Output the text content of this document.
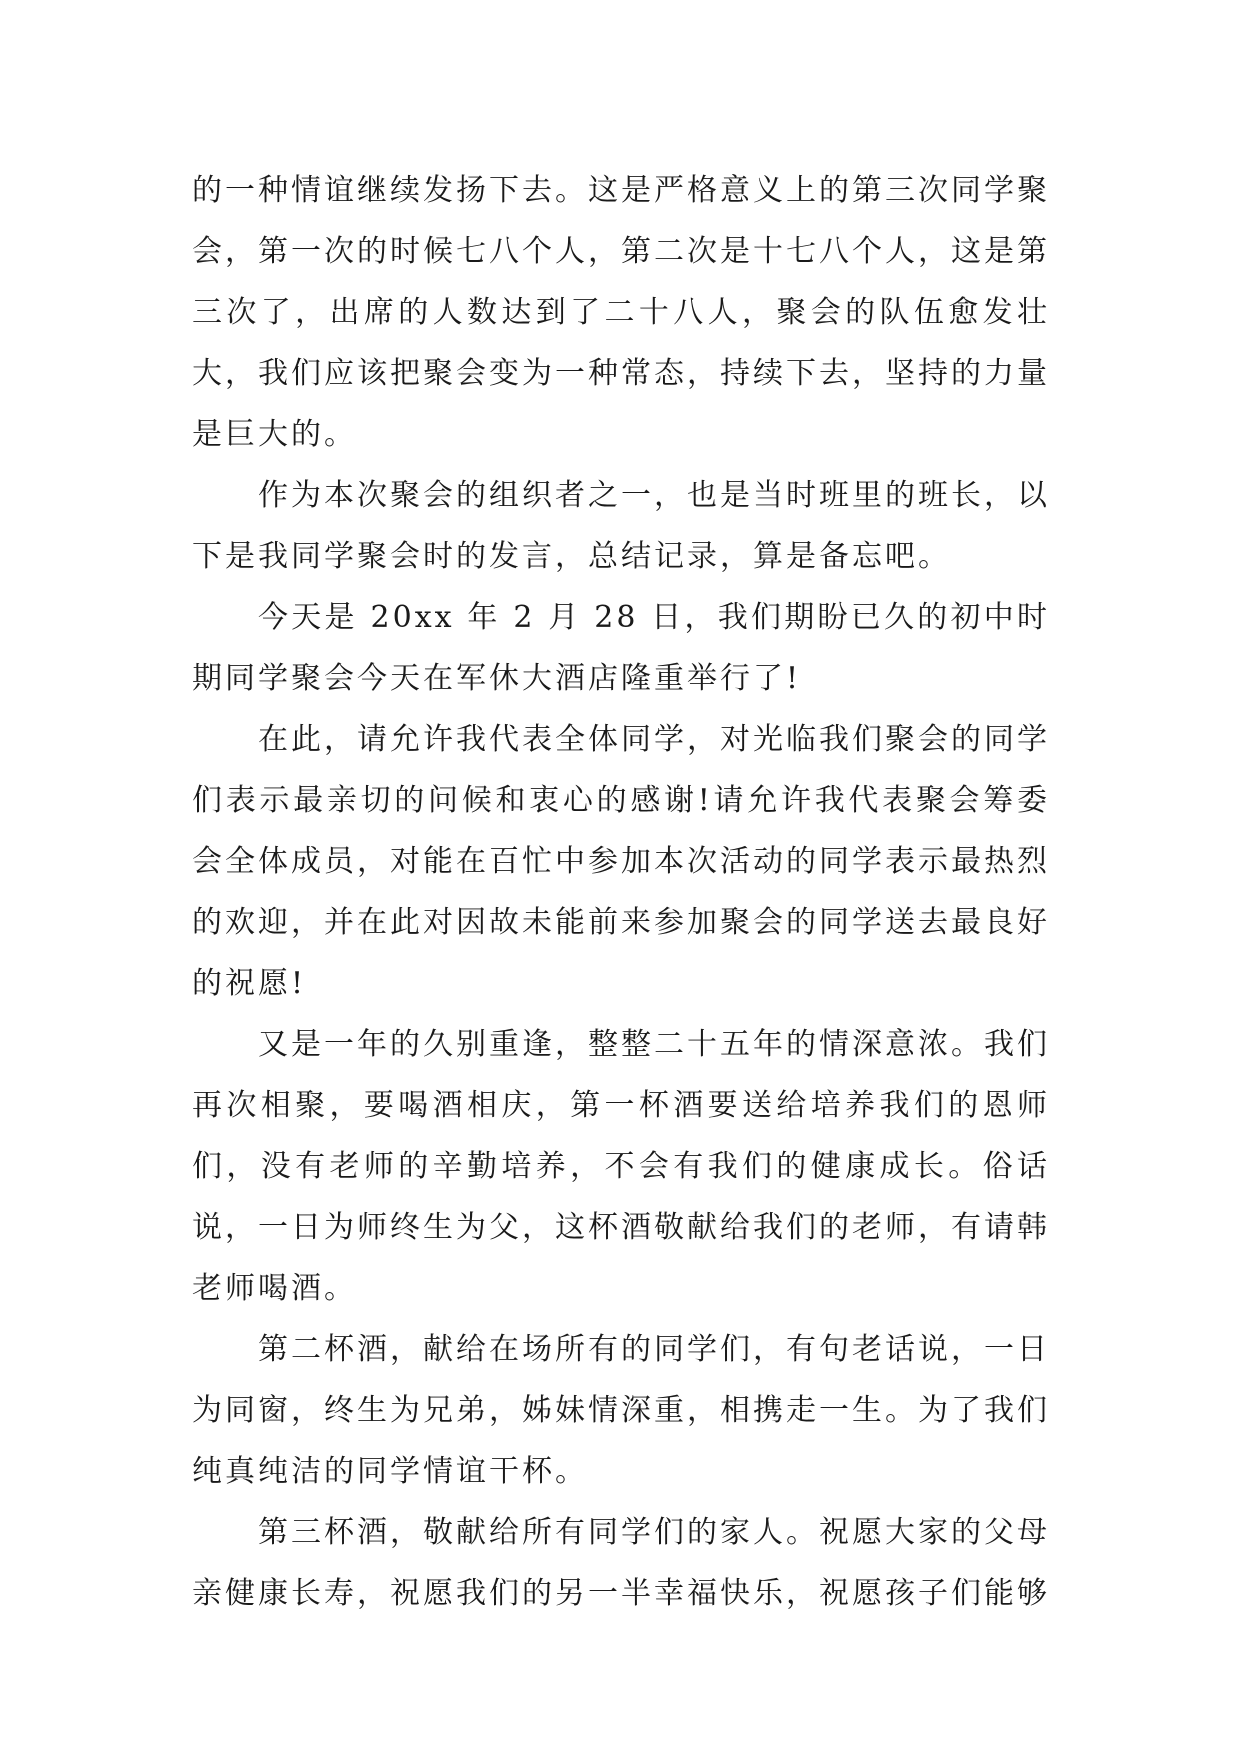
的一种情谊继续发扬下去。这是严格意义上的第三次同学聚会，第一次的时候七八个人，第二次是十七八个人，这是第三次了，出席的人数达到了二十八人，聚会的队伍愈发壮大，我们应该把聚会变为一种常态，持续下去，坚持的力量是巨大的。

作为本次聚会的组织者之一，也是当时班里的班长，以下是我同学聚会时的发言，总结记录，算是备忘吧。

今天是 20xx 年 2 月 28 日，我们期盼已久的初中时期同学聚会今天在军休大酒店隆重举行了!

在此，请允许我代表全体同学，对光临我们聚会的同学们表示最亲切的问候和衷心的感谢!请允许我代表聚会筹委会全体成员，对能在百忙中参加本次活动的同学表示最热烈的欢迎，并在此对因故未能前来参加聚会的同学送去最良好的祝愿!

又是一年的久别重逢，整整二十五年的情深意浓。我们再次相聚，要喝酒相庆，第一杯酒要送给培养我们的恩师们，没有老师的辛勤培养，不会有我们的健康成长。俗话说，一日为师终生为父，这杯酒敬献给我们的老师，有请韩老师喝酒。

第二杯酒，献给在场所有的同学们，有句老话说，一日为同窗，终生为兄弟，姊妹情深重，相携走一生。为了我们纯真纯洁的同学情谊干杯。

第三杯酒，敬献给所有同学们的家人。祝愿大家的父母亲健康长寿，祝愿我们的另一半幸福快乐，祝愿孩子们能够
